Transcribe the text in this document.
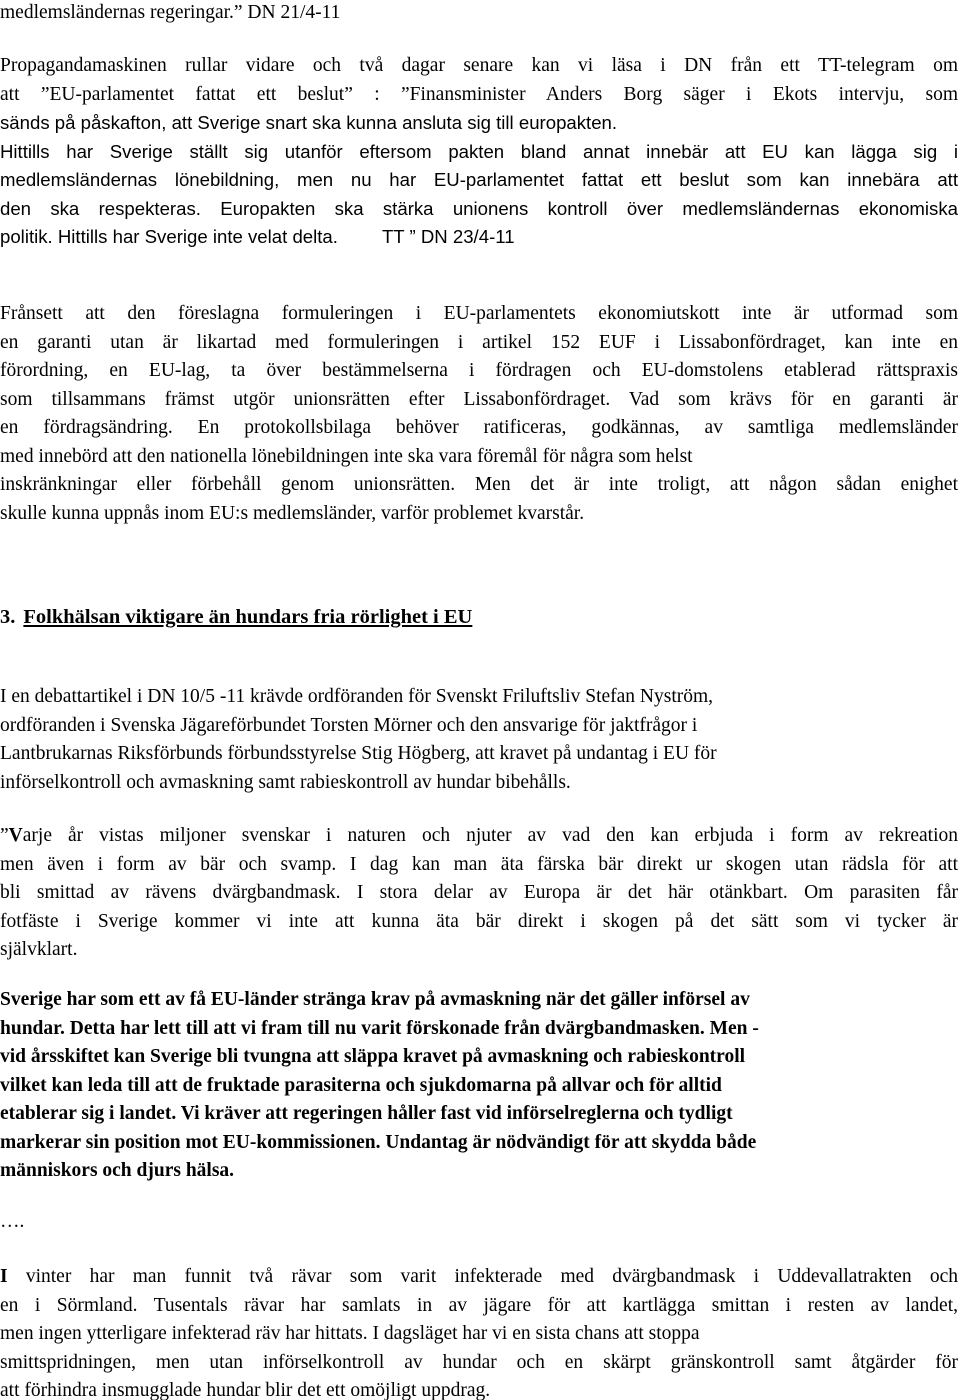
medlemsländernas regeringar.” DN 21/4-11
Propagandamaskinen rullar vidare och två dagar senare kan vi läsa i DN från ett TT-telegram om
att ”EU-parlamentet fattat ett beslut” : ”Finansminister Anders Borg säger i Ekots intervju, som
sänds på påskafton, att Sverige snart ska kunna ansluta sig till europakten.
Hittills har Sverige ställt sig utanför eftersom pakten bland annat innebär att EU kan lägga sig i
medlemsländernas lönebildning, men nu har EU-parlamentet fattat ett beslut som kan innebära att
den ska respekteras. Europakten ska stärka unionens kontroll över medlemsländernas ekonomiska
politik. Hittills har Sverige inte velat delta. TT ” DN 23/4-11
Frånsett att den föreslagna formuleringen i EU-parlamentets ekonomiutskott inte är utformad som
en garanti utan är likartad med formuleringen i artikel 152 EUF i Lissabonfördraget, kan inte en
förordning, en EU-lag, ta över bestämmelserna i fördragen och EU-domstolens etablerad rättspraxis
som tillsammans främst utgör unionsrätten efter Lissabonfördraget. Vad som krävs för en garanti är
en fördragsändring. En protokollsbilaga behöver ratificeras, godkännas, av samtliga medlemsländer
med innebörd att den nationella lönebildningen inte ska vara föremål för några som helst
inskränkningar eller förbehåll genom unionsrätten. Men det är inte troligt, att någon sådan enighet
skulle kunna uppnås inom EU:s medlemsländer, varför problemet kvarstår.
3. Folkhälsan viktigare än hundars fria rörlighet i EU
I en debattartikel i DN 10/5 -11 krävde ordföranden för Svenskt Friluftsliv Stefan Nyström,
ordföranden i Svenska Jägareförbundet Torsten Mörner och den ansvarige för jaktfrågor i
Lantbrukarnas Riksförbunds förbundsstyrelse Stig Högberg, att kravet på undantag i EU för
införselkontroll och avmaskning samt rabieskontroll av hundar bibehålls.
”Varje år vistas miljoner svenskar i naturen och njuter av vad den kan erbjuda i form av rekreation
men även i form av bär och svamp. I dag kan man äta färska bär direkt ur skogen utan rädsla för att
bli smittad av rävens dvärgbandmask. I stora delar av Europa är det här otänkbart. Om parasiten får
fotfäste i Sverige kommer vi inte att kunna äta bär direkt i skogen på det sätt som vi tycker är
självklart.
Sverige har som ett av få EU-länder stränga krav på avmaskning när det gäller införsel av
hundar. Detta har lett till att vi fram till nu varit förskonade från dvärgbandmasken. Men -
vid årsskiftet kan Sverige bli tvungna att släppa kravet på avmaskning och rabieskontroll
vilket kan leda till att de fruktade parasiterna och sjukdomarna på allvar och för alltid
etablerar sig i landet. Vi kräver att regeringen håller fast vid införselreglerna och tydligt
markerar sin position mot EU-kommissionen. Undantag är nödvändigt för att skydda både
människors och djurs hälsa.
….
I vinter har man funnit två rävar som varit infekterade med dvärgbandmask i Uddevallatrakten och
en i Sörmland. Tusentals rävar har samlats in av jägare för att kartlägga smittan i resten av landet,
men ingen ytterligare infekterad räv har hittats. I dagsläget har vi en sista chans att stoppa
smittspridningen, men utan införselkontroll av hundar och en skärpt gränskontroll samt åtgärder för
att förhindra insmugglade hundar blir det ett omöjligt uppdrag.
